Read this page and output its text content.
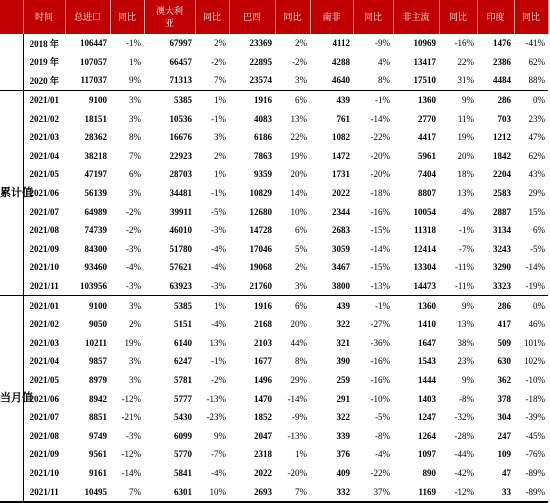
	时间	总进口	同比	澳大利亚	同比	巴西	同比	南非	同比	非主流	同比	印度	同比
	2018 年	106447	-1%	67997	2%	23369	2%	4112	-9%	10969	-16%	1476	-41%
	2019 年	107057	1%	66457	-2%	22895	-2%	4288	4%	13417	22%	2386	62%
	2020 年	117037	9%	71313	7%	23574	3%	4640	8%	17510	31%	4484	88%
累计值	2021/01	9100	3%	5385	1%	1916	6%	439	-1%	1360	9%	286	0%
	2021/02	18151	3%	10536	-1%	4083	13%	761	-14%	2770	11%	703	23%
	2021/03	28362	8%	16676	3%	6186	22%	1082	-22%	4417	19%	1212	47%
	2021/04	38218	7%	22923	2%	7863	19%	1472	-20%	5961	20%	1842	62%
	2021/05	47197	6%	28703	1%	9359	20%	1731	-20%	7404	18%	2204	43%
	2021/06	56139	3%	34481	-1%	10829	14%	2022	-18%	8807	13%	2583	29%
	2021/07	64989	-2%	39911	-5%	12680	10%	2344	-16%	10054	4%	2887	15%
	2021/08	74739	-2%	46010	-3%	14728	6%	2683	-15%	11318	-1%	3134	6%
	2021/09	84300	-3%	51780	-4%	17046	5%	3059	-14%	12414	-7%	3243	-5%
	2021/10	93460	-4%	57621	-4%	19068	2%	3467	-15%	13304	-11%	3290	-14%
	2021/11	103956	-3%	63923	-3%	21760	3%	3800	-13%	14473	-11%	3323	-19%
当月值	2021/01	9100	3%	5385	1%	1916	6%	439	-1%	1360	9%	286	0%
	2021/02	9050	2%	5151	-4%	2168	20%	322	-27%	1410	13%	417	46%
	2021/03	10211	19%	6140	13%	2103	44%	321	-36%	1647	38%	509	101%
	2021/04	9857	3%	6247	-1%	1677	8%	390	-16%	1543	23%	630	102%
	2021/05	8979	3%	5781	-2%	1496	29%	259	-16%	1444	9%	362	-10%
	2021/06	8942	-12%	5777	-13%	1470	-14%	291	-10%	1403	-8%	378	-18%
	2021/07	8851	-21%	5430	-23%	1852	-9%	322	-5%	1247	-32%	304	-39%
	2021/08	9749	-3%	6099	9%	2047	-13%	339	-8%	1264	-28%	247	-45%
	2021/09	9561	-12%	5770	-7%	2318	1%	376	-4%	1097	-44%	109	-76%
	2021/10	9161	-14%	5841	-4%	2022	-20%	409	-22%	890	-42%	47	-89%
	2021/11	10495	7%	6301	10%	2693	7%	332	37%	1169	-12%	33	-89%
